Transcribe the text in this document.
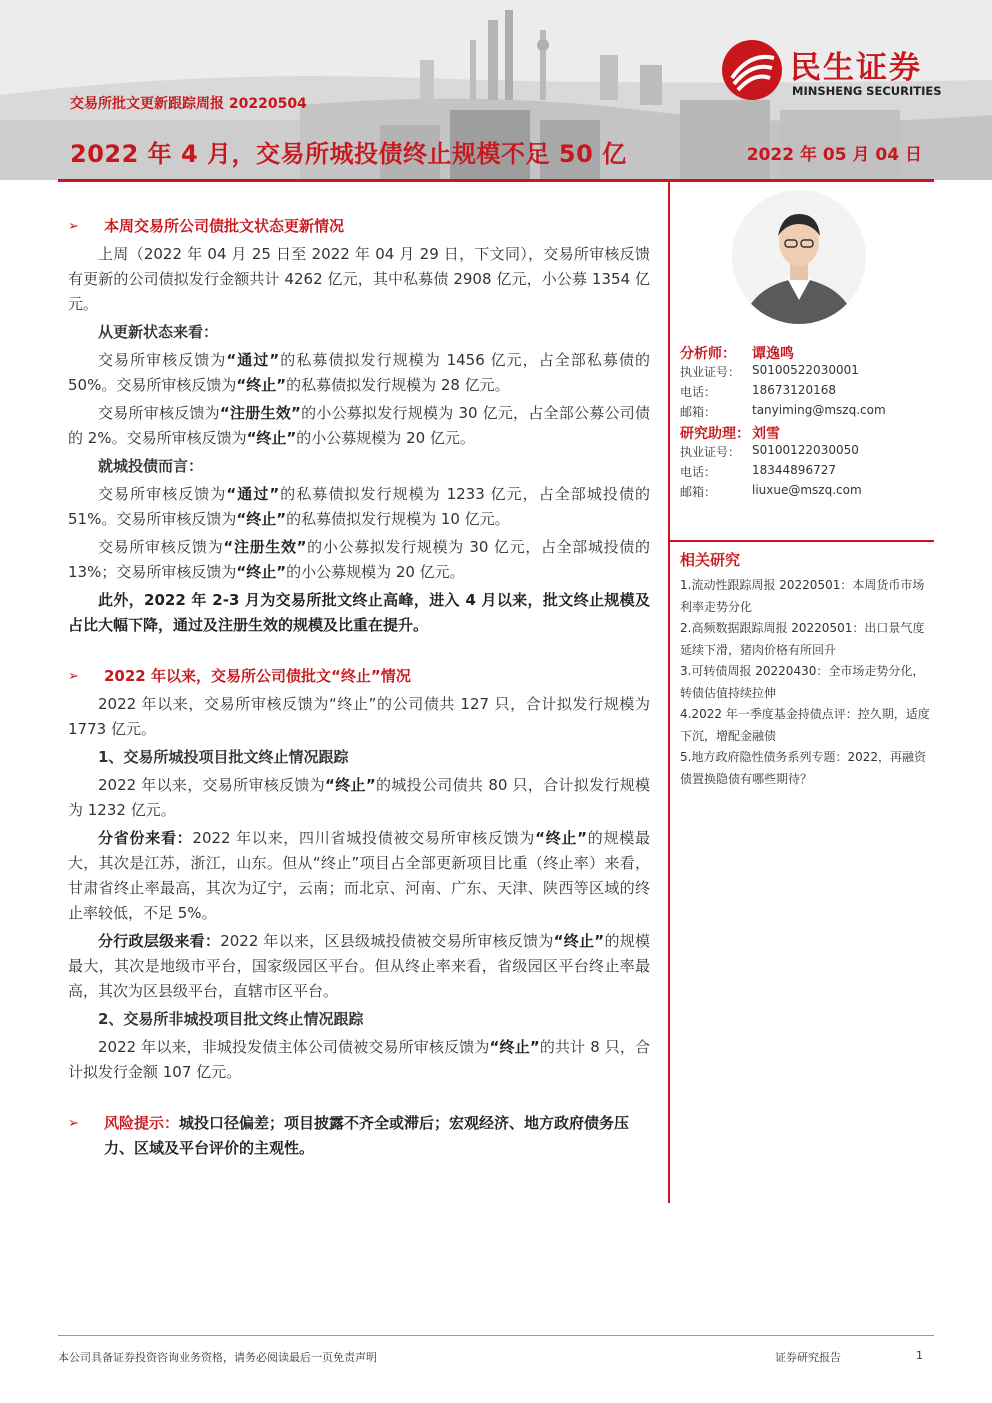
民生证券
MINSHENG SECURITIES
交易所批文更新跟踪周报 20220504
2022 年 4 月，交易所城投债终止规模不足 50 亿	2022 年 05 月 04 日
➢ 本周交易所公司债批文状态更新情况

上周（2022 年 04 月 25 日至 2022 年 04 月 29 日，下文同），交易所审核反馈有更新的公司债拟发行金额共计 4262 亿元，其中私募债 2908 亿元，小公募 1354 亿元。

从更新状态来看：

交易所审核反馈为“通过”的私募债拟发行规模为 1456 亿元，占全部私募债的 50%。交易所审核反馈为“终止”的私募债拟发行规模为 28 亿元。

交易所审核反馈为“注册生效”的小公募拟发行规模为 30 亿元，占全部公募公司债的 2%。交易所审核反馈为“终止”的小公募规模为 20 亿元。

就城投债而言：

交易所审核反馈为“通过”的私募债拟发行规模为 1233 亿元，占全部城投债的 51%。交易所审核反馈为“终止”的私募债拟发行规模为 10 亿元。

交易所审核反馈为“注册生效”的小公募拟发行规模为 30 亿元，占全部城投债的 13%；交易所审核反馈为“终止”的小公募规模为 20 亿元。

此外，2022 年 2-3 月为交易所批文终止高峰，进入 4 月以来，批文终止规模及占比大幅下降，通过及注册生效的规模及比重在提升。

➢ 2022 年以来，交易所公司债批文“终止”情况

2022 年以来，交易所审核反馈为“终止”的公司债共 127 只，合计拟发行规模为 1773 亿元。

1、交易所城投项目批文终止情况跟踪

2022 年以来，交易所审核反馈为“终止”的城投公司债共 80 只，合计拟发行规模为 1232 亿元。

分省份来看：2022 年以来，四川省城投债被交易所审核反馈为“终止”的规模最大，其次是江苏，浙江，山东。但从“终止”项目占全部更新项目比重（终止率）来看，甘肃省终止率最高，其次为辽宁，云南；而北京、河南、广东、天津、陕西等区域的终止率较低，不足 5%。

分行政层级来看：2022 年以来，区县级城投债被交易所审核反馈为“终止”的规模最大，其次是地级市平台，国家级园区平台。但从终止率来看，省级园区平台终止率最高，其次为区县级平台，直辖市区平台。

2、交易所非城投项目批文终止情况跟踪

2022 年以来，非城投发债主体公司债被交易所审核反馈为“终止”的共计 8 只，合计拟发行金额 107 亿元。

➢ 风险提示：城投口径偏差；项目披露不齐全或滞后；宏观经济、地方政府债务压力、区域及平台评价的主观性。
分析师： 谭逸鸣
执业证号： S0100522030001
电话：	18673120168
邮箱：	tanyiming@mszq.com
研究助理： 刘雪
执业证号： S0100122030050
电话：	18344896727
邮箱：	liuxue@mszq.com
相关研究
1.流动性跟踪周报 20220501：本周货币市场利率走势分化
2.高频数据跟踪周报 20220501：出口景气度延续下滑，猪肉价格有所回升
3.可转债周报 20220430：全市场走势分化，转债估值持续拉伸
4.2022 年一季度基金持债点评：控久期，适度下沉，增配金融债
5.地方政府隐性债务系列专题：2022，再融资债置换隐债有哪些期待？
本公司具备证券投资咨询业务资格，请务必阅读最后一页免责声明	证券研究报告	1
